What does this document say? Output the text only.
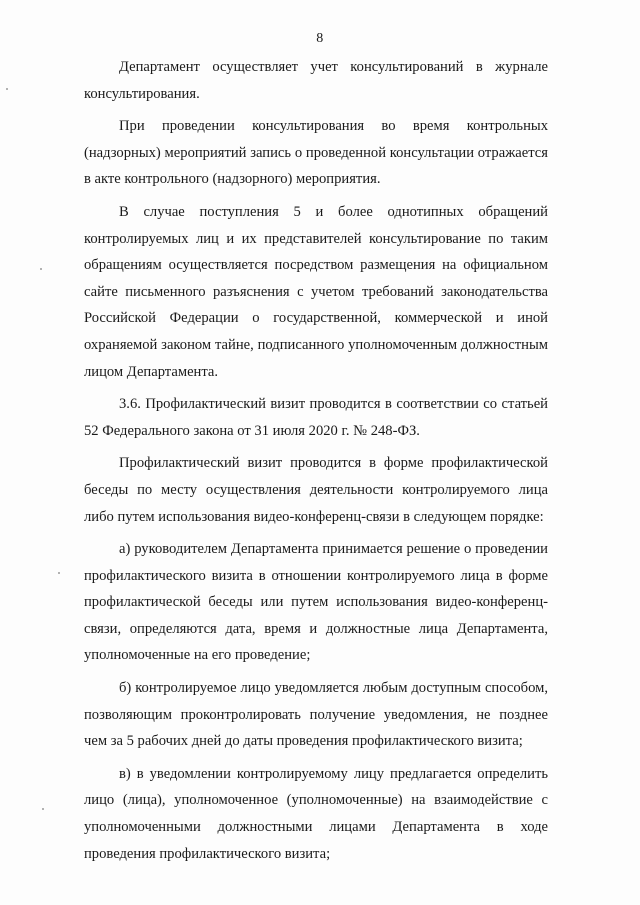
8

Департамент осуществляет учет консультирований в журнале консультирования.

При проведении консультирования во время контрольных (надзорных) мероприятий запись о проведенной консультации отражается в акте контрольного (надзорного) мероприятия.

В случае поступления 5 и более однотипных обращений контролируемых лиц и их представителей консультирование по таким обращениям осуществляется посредством размещения на официальном сайте письменного разъяснения с учетом требований законодательства Российской Федерации о государственной, коммерческой и иной охраняемой законом тайне, подписанного уполномоченным должностным лицом Департамента.

3.6. Профилактический визит проводится в соответствии со статьей 52 Федерального закона от 31 июля 2020 г. № 248-ФЗ.

Профилактический визит проводится в форме профилактической беседы по месту осуществления деятельности контролируемого лица либо путем использования видео-конференц-связи в следующем порядке:

а) руководителем Департамента принимается решение о проведении профилактического визита в отношении контролируемого лица в форме профилактической беседы или путем использования видео-конференц-связи, определяются дата, время и должностные лица Департамента, уполномоченные на его проведение;

б) контролируемое лицо уведомляется любым доступным способом, позволяющим проконтролировать получение уведомления, не позднее чем за 5 рабочих дней до даты проведения профилактического визита;

в) в уведомлении контролируемому лицу предлагается определить лицо (лица), уполномоченное (уполномоченные) на взаимодействие с уполномоченными должностными лицами Департамента в ходе проведения профилактического визита;
